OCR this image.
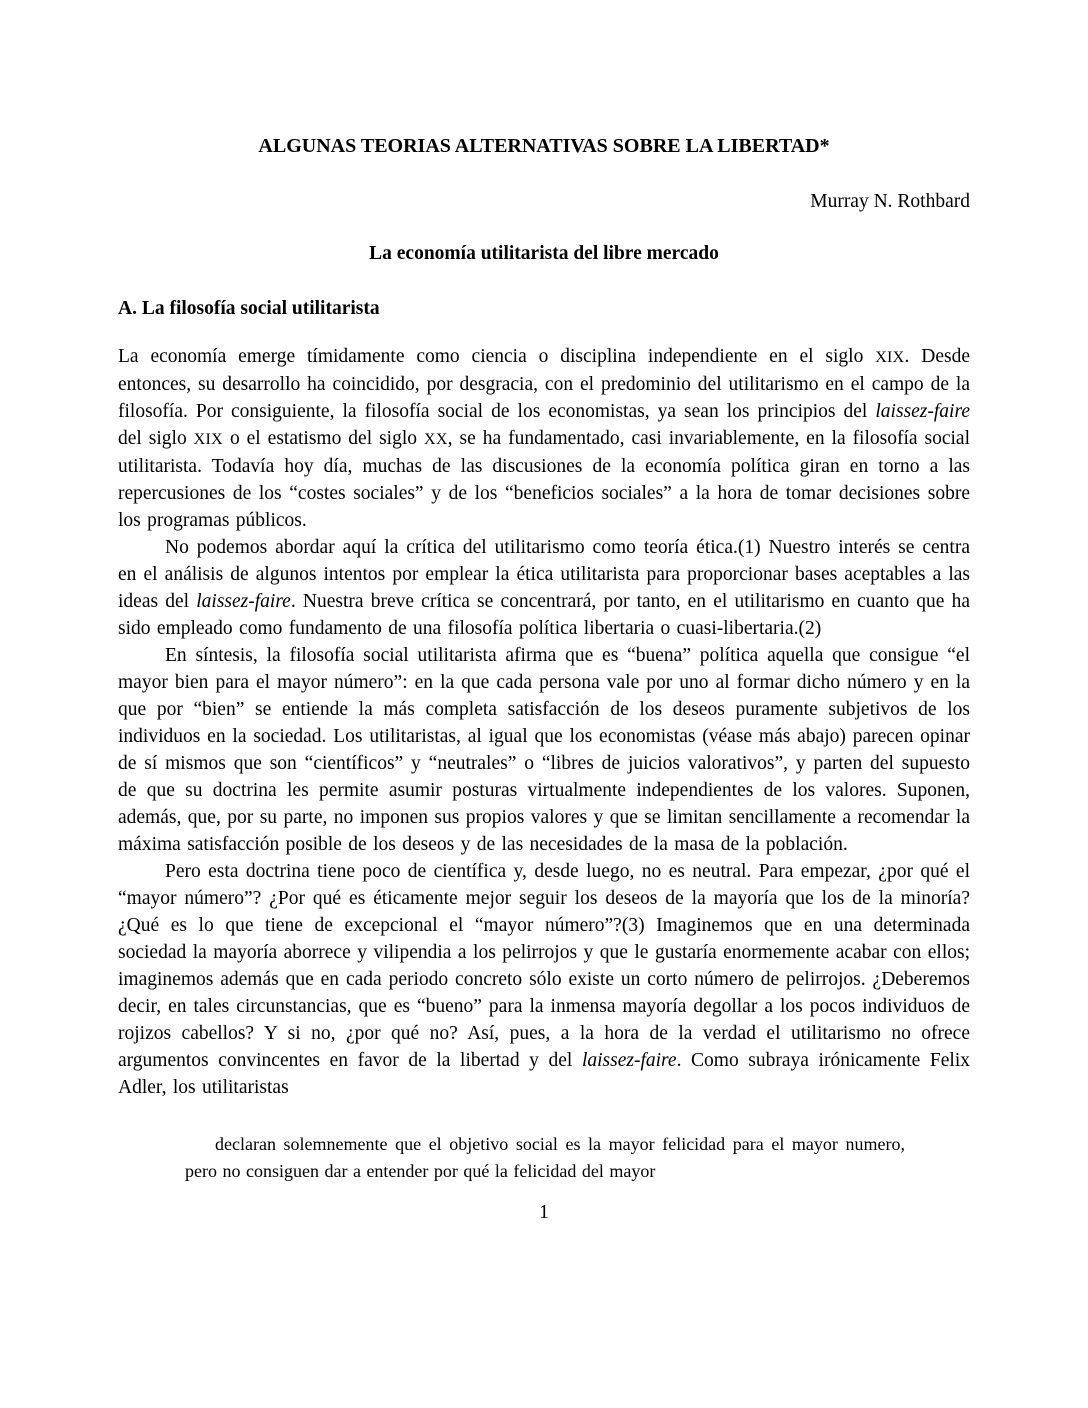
ALGUNAS TEORIAS ALTERNATIVAS SOBRE LA LIBERTAD*
Murray N. Rothbard
La economía utilitarista del libre mercado
A. La filosofía social utilitarista

La economía emerge tímidamente como ciencia o disciplina independiente en el siglo XIX. Desde entonces, su desarrollo ha coincidido, por desgracia, con el predominio del utilitarismo en el campo de la filosofía. Por consiguiente, la filosofía social de los economistas, ya sean los principios del laissez-faire del siglo XIX o el estatismo del siglo XX, se ha fundamentado, casi invariablemente, en la filosofía social utilitarista. Todavía hoy día, muchas de las discusiones de la economía política giran en torno a las repercusiones de los “costes sociales” y de los “beneficios sociales” a la hora de tomar decisiones sobre los programas públicos.

No podemos abordar aquí la crítica del utilitarismo como teoría ética.(1) Nuestro interés se centra en el análisis de algunos intentos por emplear la ética utilitarista para proporcionar bases aceptables a las ideas del laissez-faire. Nuestra breve crítica se concentrará, por tanto, en el utilitarismo en cuanto que ha sido empleado como fundamento de una filosofía política libertaria o cuasi-libertaria.(2)

En síntesis, la filosofía social utilitarista afirma que es “buena” política aquella que consigue “el mayor bien para el mayor número”: en la que cada persona vale por uno al formar dicho número y en la que por “bien” se entiende la más completa satisfacción de los deseos puramente subjetivos de los individuos en la sociedad. Los utilitaristas, al igual que los economistas (véase más abajo) parecen opinar de sí mismos que son “científicos” y “neutrales” o “libres de juicios valorativos”, y parten del supuesto de que su doctrina les permite asumir posturas virtualmente independientes de los valores. Suponen, además, que, por su parte, no imponen sus propios valores y que se limitan sencillamente a recomendar la máxima satisfacción posible de los deseos y de las necesidades de la masa de la población.

Pero esta doctrina tiene poco de científica y, desde luego, no es neutral. Para empezar, ¿por qué el “mayor número”? ¿Por qué es éticamente mejor seguir los deseos de la mayoría que los de la minoría? ¿Qué es lo que tiene de excepcional el “mayor número”?(3) Imaginemos que en una determinada sociedad la mayoría aborrece y vilipendia a los pelirrojos y que le gustaría enormemente acabar con ellos; imaginemos además que en cada periodo concreto sólo existe un corto número de pelirrojos. ¿Deberemos decir, en tales circunstancias, que es “bueno” para la inmensa mayoría degollar a los pocos individuos de rojizos cabellos? Y si no, ¿por qué no? Así, pues, a la hora de la verdad el utilitarismo no ofrece argumentos convincentes en favor de la libertad y del laissez-faire. Como subraya irónicamente Felix Adler, los utilitaristas

declaran solemnemente que el objetivo social es la mayor felicidad para el mayor numero, pero no consiguen dar a entender por qué la felicidad del mayor
1
